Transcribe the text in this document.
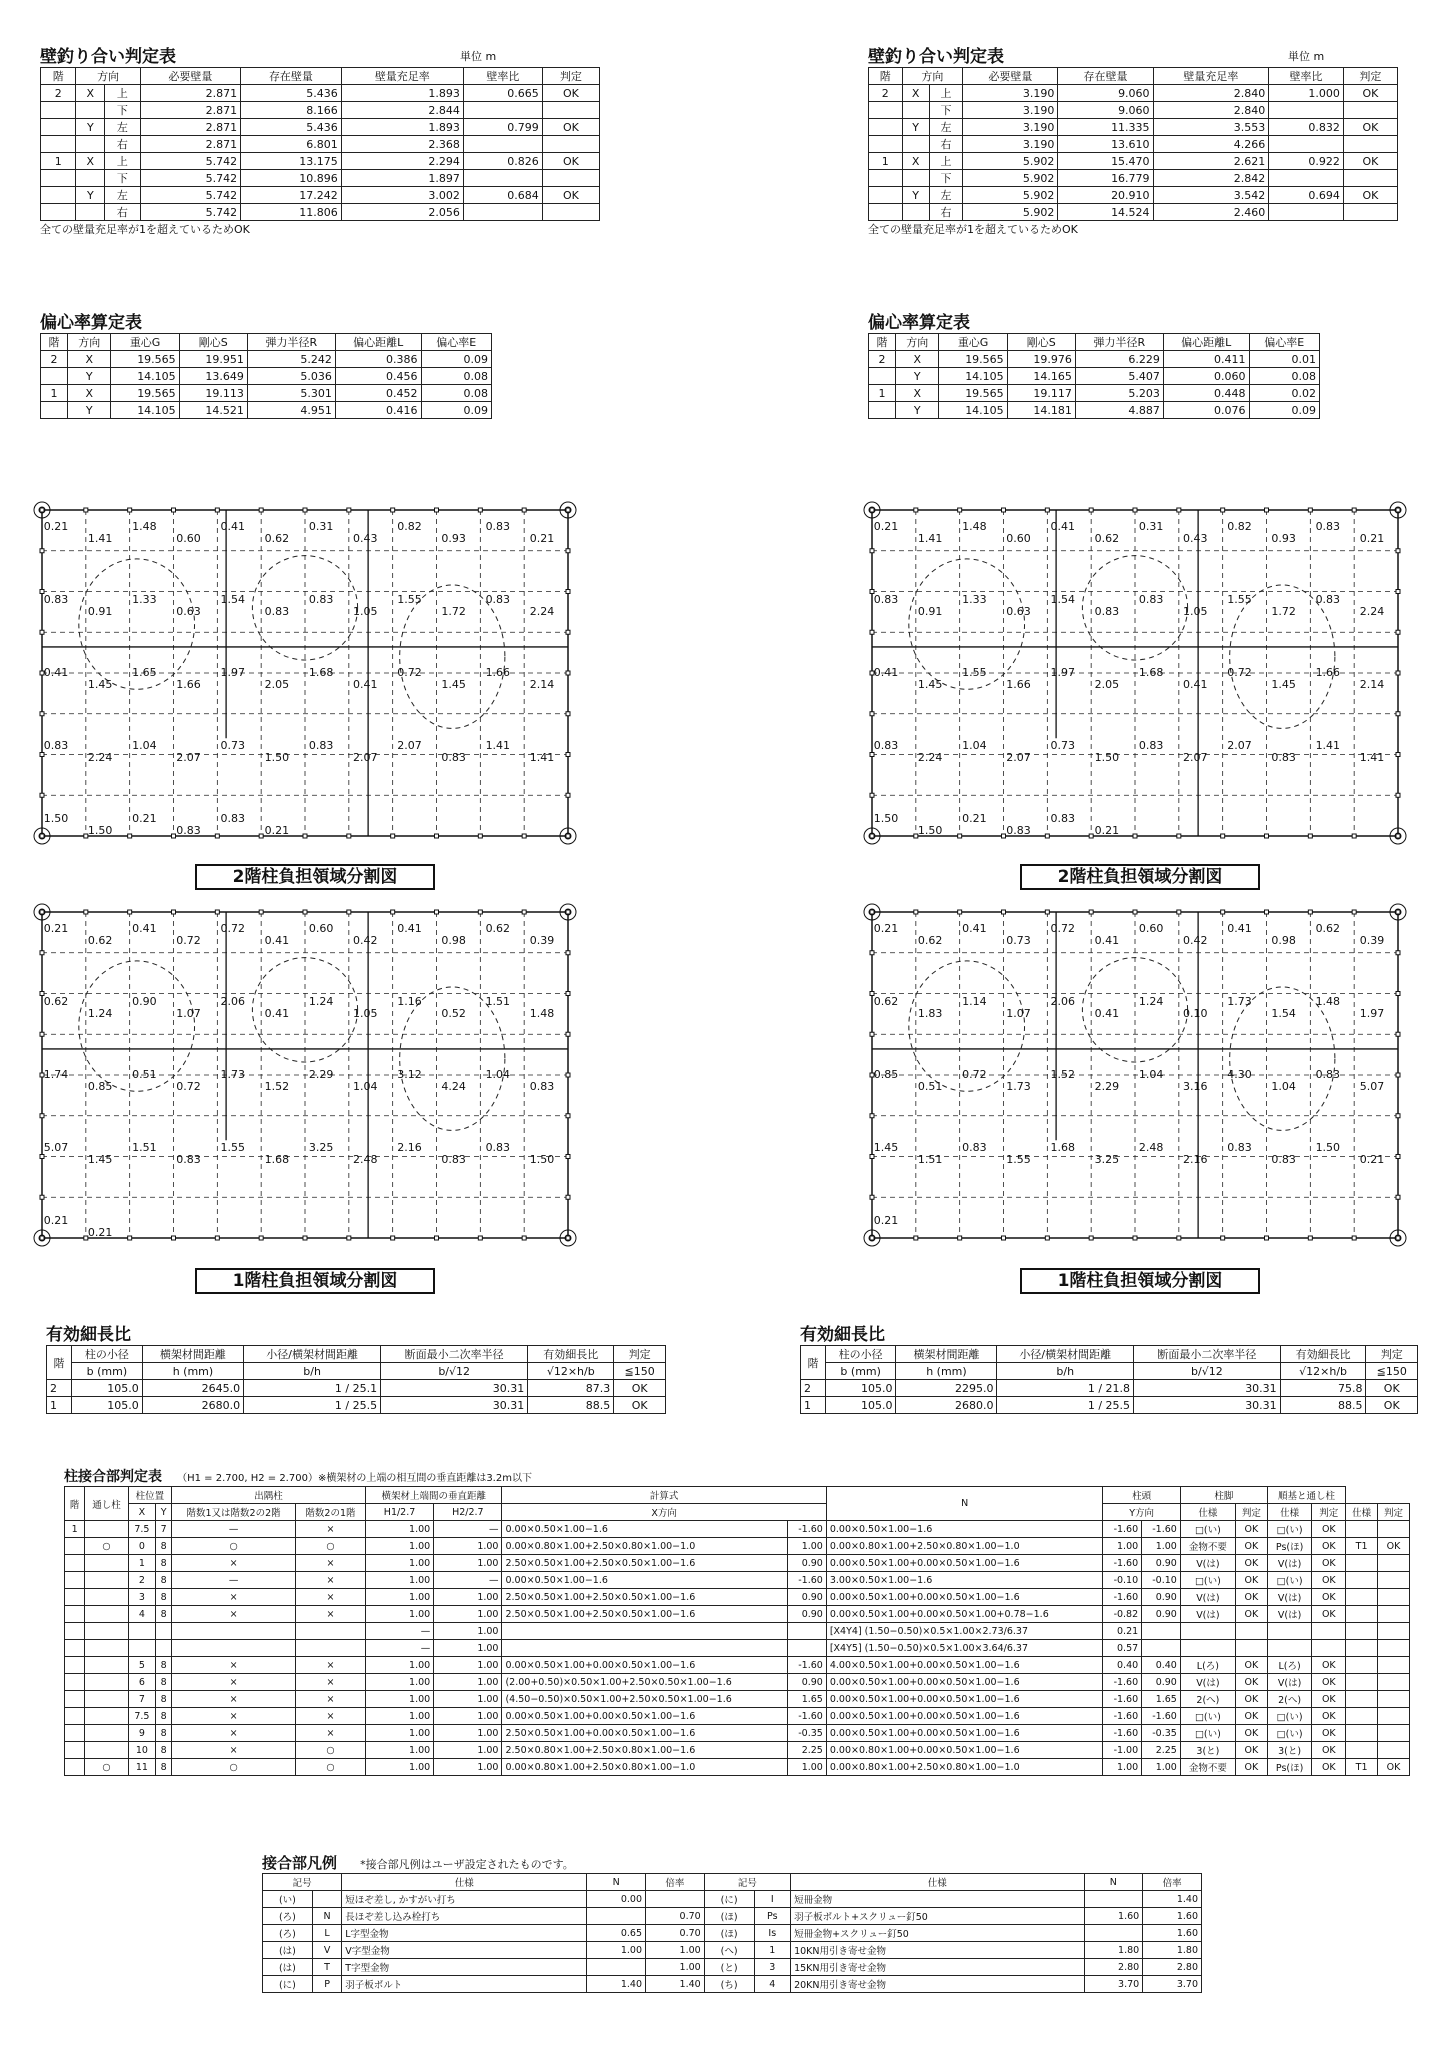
壁釣り合い判定表	単位 m
階	方向		必要壁量	存在壁量	壁量充足率	壁率比	判定
2	X	上	2.871	5.436	1.893	0.665	OK
		下	2.871	8.166	2.844		
	Y	左	2.871	5.436	1.893	0.799	OK
		右	2.871	6.801	2.368		
1	X	上	5.742	13.175	2.294	0.826	OK
		下	5.742	10.896	1.897		
	Y	左	5.742	17.242	3.002	0.684	OK
		右	5.742	11.806	2.056		
全ての壁量充足率が1を超えているためOK
壁釣り合い判定表	単位 m
階	方向		必要壁量	存在壁量	壁量充足率	壁率比	判定
2	X	上	3.190	9.060	2.840	1.000	OK
		下	3.190	9.060	2.840		
	Y	左	3.190	11.335	3.553	0.832	OK
		右	3.190	13.610	4.266		
1	X	上	5.902	15.470	2.621	0.922	OK
		下	5.902	16.779	2.842		
	Y	左	5.902	20.910	3.542	0.694	OK
		右	5.902	14.524	2.460		
全ての壁量充足率が1を超えているためOK
偏心率算定表
階	方向	重心G	剛心S	弾力半径R	偏心距離L	偏心率E
2	X	19.565	19.951	5.242	0.386	0.09
	Y	14.105	13.649	5.036	0.456	0.08
1	X	19.565	19.113	5.301	0.452	0.08
	Y	14.105	14.521	4.951	0.416	0.09
偏心率算定表
階	方向	重心G	剛心S	弾力半径R	偏心距離L	偏心率E
2	X	19.565	19.976	6.229	0.411	0.01
	Y	14.105	14.165	5.407	0.060	0.08
1	X	19.565	19.117	5.203	0.448	0.02
	Y	14.105	14.181	4.887	0.076	0.09
0.21
1.41
1.48
0.60
0.41
0.62
0.31
0.43
0.82
0.93
0.83
0.21
0.83
0.91
1.33
0.63
1.54
0.83
0.83
1.05
1.55
1.72
0.83
2.24
0.41
1.45
1.65
1.66
1.97
2.05
1.68
0.41
0.72
1.45
1.66
2.14
0.83
2.24
1.04
2.07
0.73
1.50
0.83
2.07
2.07
0.83
1.41
1.41
1.50
1.50
0.21
0.83
0.83
0.21
2階柱負担領域分割図
0.21
0.62
0.41
0.72
0.72
0.41
0.60
0.42
0.41
0.98
0.62
0.39
0.62
1.24
0.90
1.07
2.06
0.41
1.24
1.05
1.16
0.52
1.51
1.48
1.74
0.85
0.51
0.72
1.73
1.52
2.29
1.04
3.12
4.24
1.04
0.83
5.07
1.45
1.51
0.83
1.55
1.68
3.25
2.48
2.16
0.83
0.83
1.50
0.21
0.21
1階柱負担領域分割図
0.21
1.41
1.48
0.60
0.41
0.62
0.31
0.43
0.82
0.93
0.83
0.21
0.83
0.91
1.33
0.63
1.54
0.83
0.83
1.05
1.55
1.72
0.83
2.24
0.41
1.45
1.55
1.66
1.97
2.05
1.68
0.41
0.72
1.45
1.66
2.14
0.83
2.24
1.04
2.07
0.73
1.50
0.83
2.07
2.07
0.83
1.41
1.41
1.50
1.50
0.21
0.83
0.83
0.21
2階柱負担領域分割図
0.21
0.62
0.41
0.73
0.72
0.41
0.60
0.42
0.41
0.98
0.62
0.39
0.62
1.83
1.14
1.07
2.06
0.41
1.24
0.10
1.73
1.54
1.48
1.97
0.85
0.51
0.72
1.73
1.52
2.29
1.04
3.16
4.30
1.04
0.83
5.07
1.45
1.51
0.83
1.55
1.68
3.25
2.48
2.16
0.83
0.83
1.50
0.21
0.21
1階柱負担領域分割図
有効細長比
階	柱の小径	横架材間距離	小径/横架材間距離	断面最小二次率半径	有効細長比	判定
	b (mm)	h (mm)	b/h	b/√12	√12×h/b	≦150
2	105.0	2645.0	1 / 25.1	30.31	87.3	OK
1	105.0	2680.0	1 / 25.5	30.31	88.5	OK
有効細長比
階	柱の小径	横架材間距離	小径/横架材間距離	断面最小二次率半径	有効細長比	判定
	b (mm)	h (mm)	b/h	b/√12	√12×h/b	≦150
2	105.0	2295.0	1 / 21.8	30.31	75.8	OK
1	105.0	2680.0	1 / 25.5	30.31	88.5	OK
柱接合部判定表 （H1 = 2.700, H2 = 2.700）※横架材の上端の相互間の垂直距離は3.2m以下
階	通し柱	柱位置		出隅柱		横架材上端間の垂直距離		計算式		N	柱頭		柱脚		順基と通し柱			
		X	Y	階数1又は階数2の2階	階数2の1階	H1/2.7	H2/2.7	X方向			Y方向		仕様	判定	仕様	判定	仕様	判定
1		7.5	7	—	×	1.00	—	0.00×0.50×1.00−1.6	-1.60	0.00×0.50×1.00−1.6	-1.60	-1.60	□(い)	OK	□(い)	OK		
	○	0	8	○	○	1.00	1.00	0.00×0.80×1.00+2.50×0.80×1.00−1.0	1.00	0.00×0.80×1.00+2.50×0.80×1.00−1.0	1.00	1.00	金物不要	OK	Ps(ほ)	OK	T1	OK
		1	8	×	×	1.00	1.00	2.50×0.50×1.00+2.50×0.50×1.00−1.6	0.90	0.00×0.50×1.00+0.00×0.50×1.00−1.6	-1.60	0.90	V(は)	OK	V(は)	OK		
		2	8	—	×	1.00	—	0.00×0.50×1.00−1.6	-1.60	3.00×0.50×1.00−1.6	-0.10	-0.10	□(い)	OK	□(い)	OK		
		3	8	×	×	1.00	1.00	2.50×0.50×1.00+2.50×0.50×1.00−1.6	0.90	0.00×0.50×1.00+0.00×0.50×1.00−1.6	-1.60	0.90	V(は)	OK	V(は)	OK		
		4	8	×	×	1.00	1.00	2.50×0.50×1.00+2.50×0.50×1.00−1.6	0.90	0.00×0.50×1.00+0.00×0.50×1.00+0.78−1.6	-0.82	0.90	V(は)	OK	V(は)	OK		
						—	1.00			[X4Y4] (1.50−0.50)×0.5×1.00×2.73/6.37	0.21							
						—	1.00			[X4Y5] (1.50−0.50)×0.5×1.00×3.64/6.37	0.57							
		5	8	×	×	1.00	1.00	0.00×0.50×1.00+0.00×0.50×1.00−1.6	-1.60	4.00×0.50×1.00+0.00×0.50×1.00−1.6	0.40	0.40	L(ろ)	OK	L(ろ)	OK		
		6	8	×	×	1.00	1.00	(2.00+0.50)×0.50×1.00+2.50×0.50×1.00−1.6	0.90	0.00×0.50×1.00+0.00×0.50×1.00−1.6	-1.60	0.90	V(は)	OK	V(は)	OK		
		7	8	×	×	1.00	1.00	(4.50−0.50)×0.50×1.00+2.50×0.50×1.00−1.6	1.65	0.00×0.50×1.00+0.00×0.50×1.00−1.6	-1.60	1.65	2(へ)	OK	2(へ)	OK		
		7.5	8	×	×	1.00	1.00	0.00×0.50×1.00+0.00×0.50×1.00−1.6	-1.60	0.00×0.50×1.00+0.00×0.50×1.00−1.6	-1.60	-1.60	□(い)	OK	□(い)	OK		
		9	8	×	×	1.00	1.00	2.50×0.50×1.00+0.00×0.50×1.00−1.6	-0.35	0.00×0.50×1.00+0.00×0.50×1.00−1.6	-1.60	-0.35	□(い)	OK	□(い)	OK		
		10	8	×	○	1.00	1.00	2.50×0.80×1.00+2.50×0.80×1.00−1.6	2.25	0.00×0.80×1.00+0.00×0.50×1.00−1.6	-1.00	2.25	3(と)	OK	3(と)	OK		
	○	11	8	○	○	1.00	1.00	0.00×0.80×1.00+2.50×0.80×1.00−1.0	1.00	0.00×0.80×1.00+2.50×0.80×1.00−1.0	1.00	1.00	金物不要	OK	Ps(ほ)	OK	T1	OK
接合部凡例 *接合部凡例はユーザ設定されたものです。
記号		仕様	N	倍率	記号		仕様	N	倍率
(い)		短ほぞ差し, かすがい打ち	0.00		(に)	I	短冊金物		1.40
(ろ)	N	長ほぞ差し込み栓打ち		0.70	(ほ)	Ps	羽子板ボルト+スクリュー釘50	1.60	1.60
(ろ)	L	L字型金物	0.65	0.70	(ほ)	Is	短冊金物+スクリュー釘50		1.60
(は)	V	V字型金物	1.00	1.00	(へ)	1	10KN用引き寄せ金物	1.80	1.80
(は)	T	T字型金物		1.00	(と)	3	15KN用引き寄せ金物	2.80	2.80
(に)	P	羽子板ボルト	1.40	1.40	(ち)	4	20KN用引き寄せ金物	3.70	3.70
